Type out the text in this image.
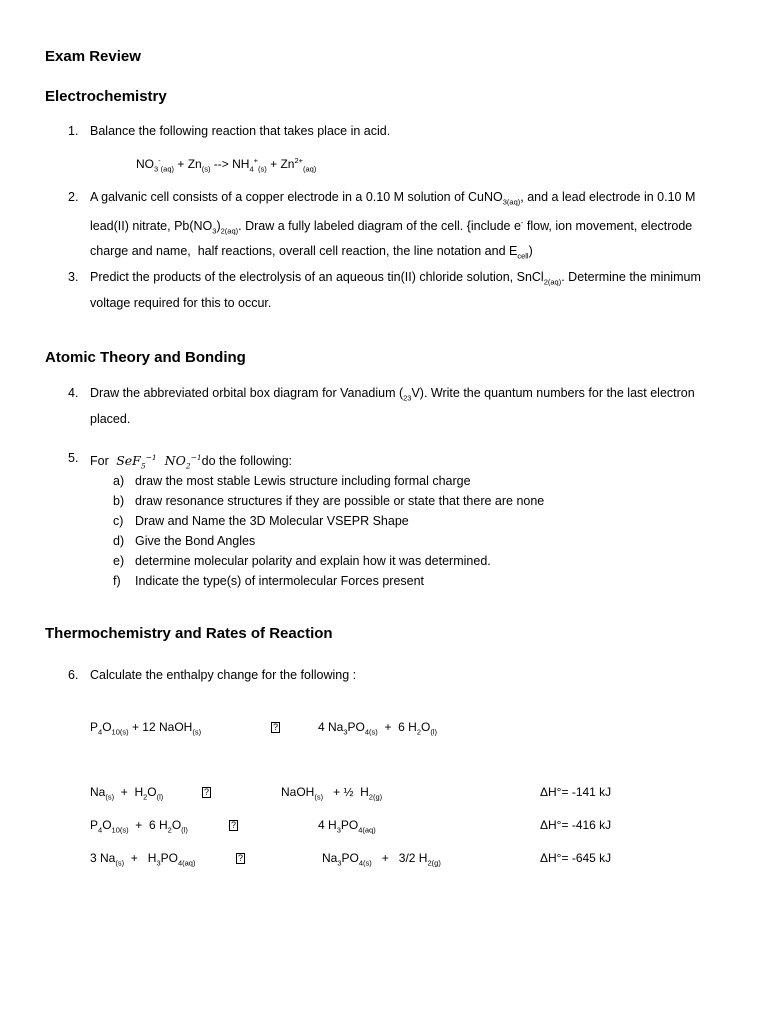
Exam Review
Electrochemistry
1. Balance the following reaction that takes place in acid.
$NO_3^-_{(aq)} + Zn_{(s)}$ --> $NH_4^+_{(s)} + Zn^{2+}_{(aq)}$
2. A galvanic cell consists of a copper electrode in a 0.10 M solution of CuNO$_{3(aq)}$, and a lead electrode in 0.10 M lead(II) nitrate, $Pb(NO_3)_{2(aq)}$. Draw a fully labeled diagram of the cell. {include e- flow, ion movement, electrode charge and name,  half reactions, overall cell reaction, the line notation and $E_{cell}$)
3. Predict the products of the electrolysis of an aqueous tin(II) chloride solution, SnCl$_{2(aq)}$. Determine the minimum voltage required for this to occur.
Atomic Theory and Bonding
4. Draw the abbreviated orbital box diagram for Vanadium $(_{23}V)$. Write the quantum numbers for the last electron placed.
5. For  SeF$_5^{-1}$  $NO_2^{-1}do$ the following:
a) draw the most stable Lewis structure including formal charge
b) draw resonance structures if they are possible or state that there are none
c) Draw and Name the 3D Molecular VSEPR Shape
d) Give the Bond Angles
e) determine molecular polarity and explain how it was determined.
f) Indicate the type(s) of intermolecular Forces present
Thermochemistry and Rates of Reaction
6. Calculate the enthalpy change for the following :
$P_4O_{10(s)} + 12$ NaOH$_{(s)}$	?	4 $Na_3PO_{4(s)} + 6$ $H_2O_{(l)}$
$Na_{(s)} + H_2O_{(l)}$	?	NaOH$_{(s)}$   + ½  $H_{2(g)}$	ΔH°= -141 kJ
$P_4O_{10(s)} + 6$ $H_2O_{(l)}$	?	4 $H_3PO_{4(aq)}$	ΔH°= -416 kJ
3 $Na_{(s)} + H_3PO_{4(aq)}$	?	$Na_3PO_{4(s)} + 3/2$ $H_{2(g)}$	ΔH°= -645 kJ
